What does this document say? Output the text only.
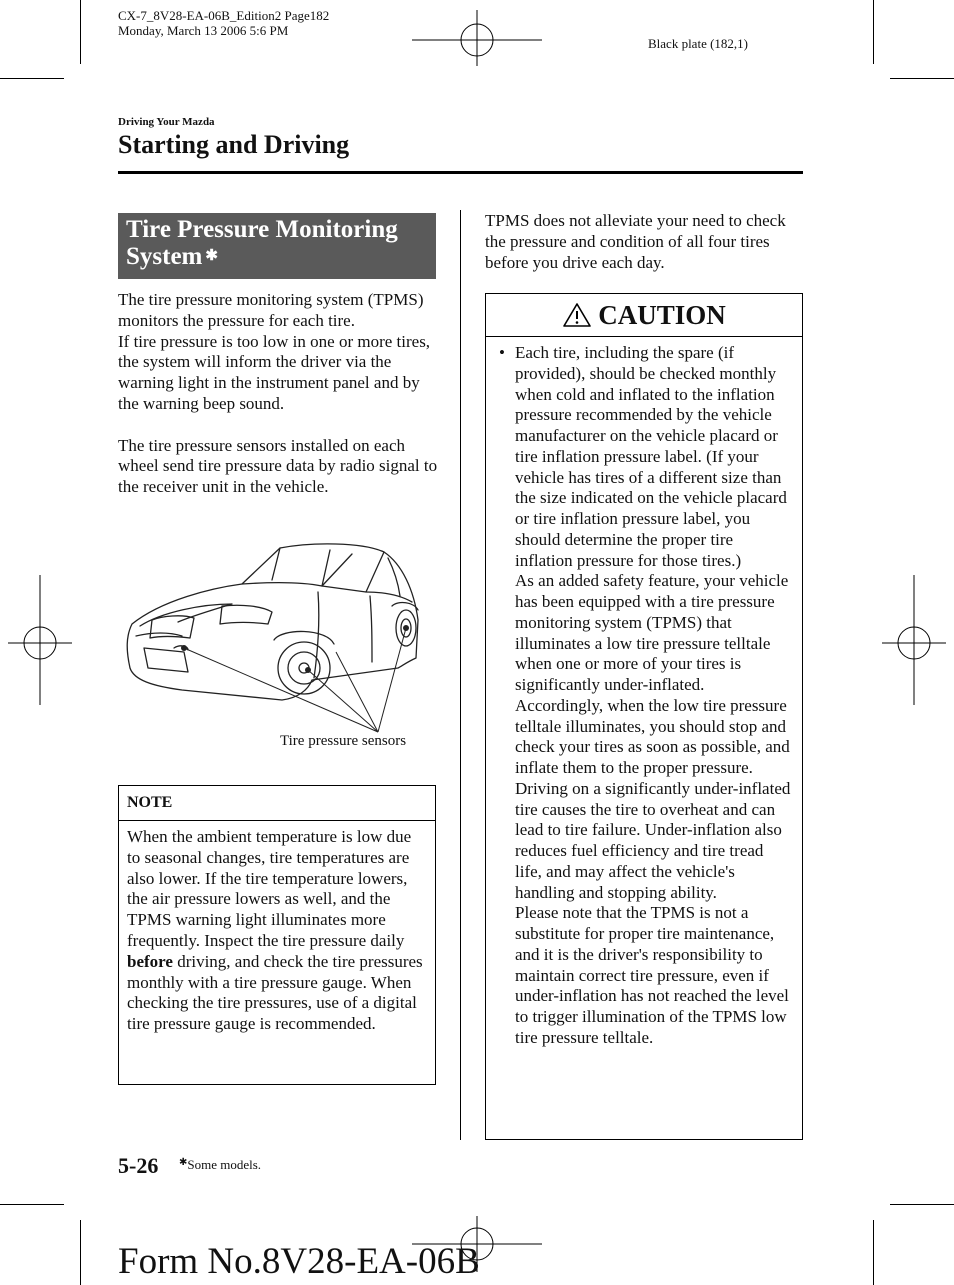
CX-7_8V28-EA-06B_Edition2 Page182
Monday, March 13 2006 5:6 PM
Black plate (182,1)
Driving Your Mazda
Starting and Driving
Tire Pressure Monitoring
System ✱
The tire pressure monitoring system (TPMS) monitors the pressure for each tire.
If tire pressure is too low in one or more tires, the system will inform the driver via the warning light in the instrument panel and by the warning beep sound.
The tire pressure sensors installed on each wheel send tire pressure data by radio signal to the receiver unit in the vehicle.
Tire pressure sensors
NOTE
When the ambient temperature is low due to seasonal changes, tire temperatures are also lower. If the tire temperature lowers, the air pressure lowers as well, and the TPMS warning light illuminates more frequently. Inspect the tire pressure daily before driving, and check the tire pressures monthly with a tire pressure gauge. When checking the tire pressures, use of a digital tire pressure gauge is recommended.
TPMS does not alleviate your need to check the pressure and condition of all four tires before you drive each day.
CAUTION
• Each tire, including the spare (if provided), should be checked monthly when cold and inflated to the inflation pressure recommended by the vehicle manufacturer on the vehicle placard or tire inflation pressure label. (If your vehicle has tires of a different size than the size indicated on the vehicle placard or tire inflation pressure label, you should determine the proper tire inflation pressure for those tires.)
As an added safety feature, your vehicle has been equipped with a tire pressure monitoring system (TPMS) that illuminates a low tire pressure telltale when one or more of your tires is significantly under-inflated. Accordingly, when the low tire pressure telltale illuminates, you should stop and check your tires as soon as possible, and inflate them to the proper pressure. Driving on a significantly under-inflated tire causes the tire to overheat and can lead to tire failure. Under-inflation also reduces fuel efficiency and tire tread life, and may affect the vehicle's handling and stopping ability.
Please note that the TPMS is not a substitute for proper tire maintenance, and it is the driver's responsibility to maintain correct tire pressure, even if under-inflation has not reached the level to trigger illumination of the TPMS low tire pressure telltale.
5-26 ✱Some models.
Form No.8V28-EA-06B
